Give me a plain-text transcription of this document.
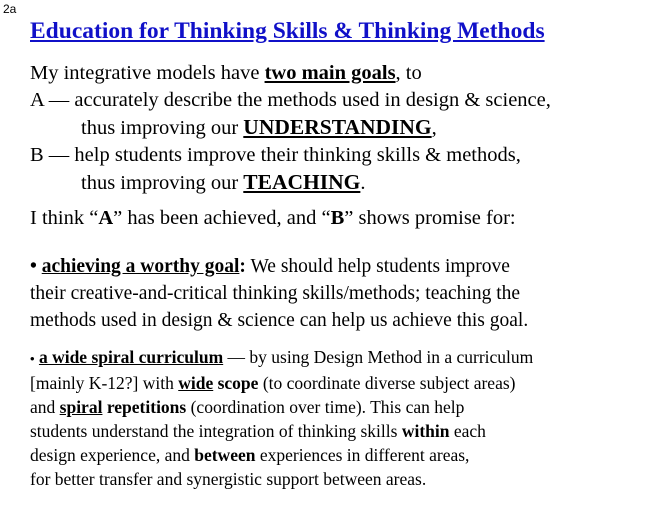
2a
Education for Thinking Skills & Thinking Methods
My integrative models have two main goals, to
A — accurately describe the methods used in design & science,
thus improving our UNDERSTANDING,
B — help students improve their thinking skills & methods,
thus improving our TEACHING.
I think “A” has been achieved, and “B” shows promise for:
• achieving a worthy goal: We should help students improve
their creative-and-critical thinking skills/methods; teaching the
methods used in design & science can help us achieve this goal.
• a wide spiral curriculum — by using Design Method in a curriculum
[mainly K-12?] with wide scope (to coordinate diverse subject areas)
and spiral repetitions (coordination over time). This can help
students understand the integration of thinking skills within each
design experience, and between experiences in different areas,
for better transfer and synergistic support between areas.
